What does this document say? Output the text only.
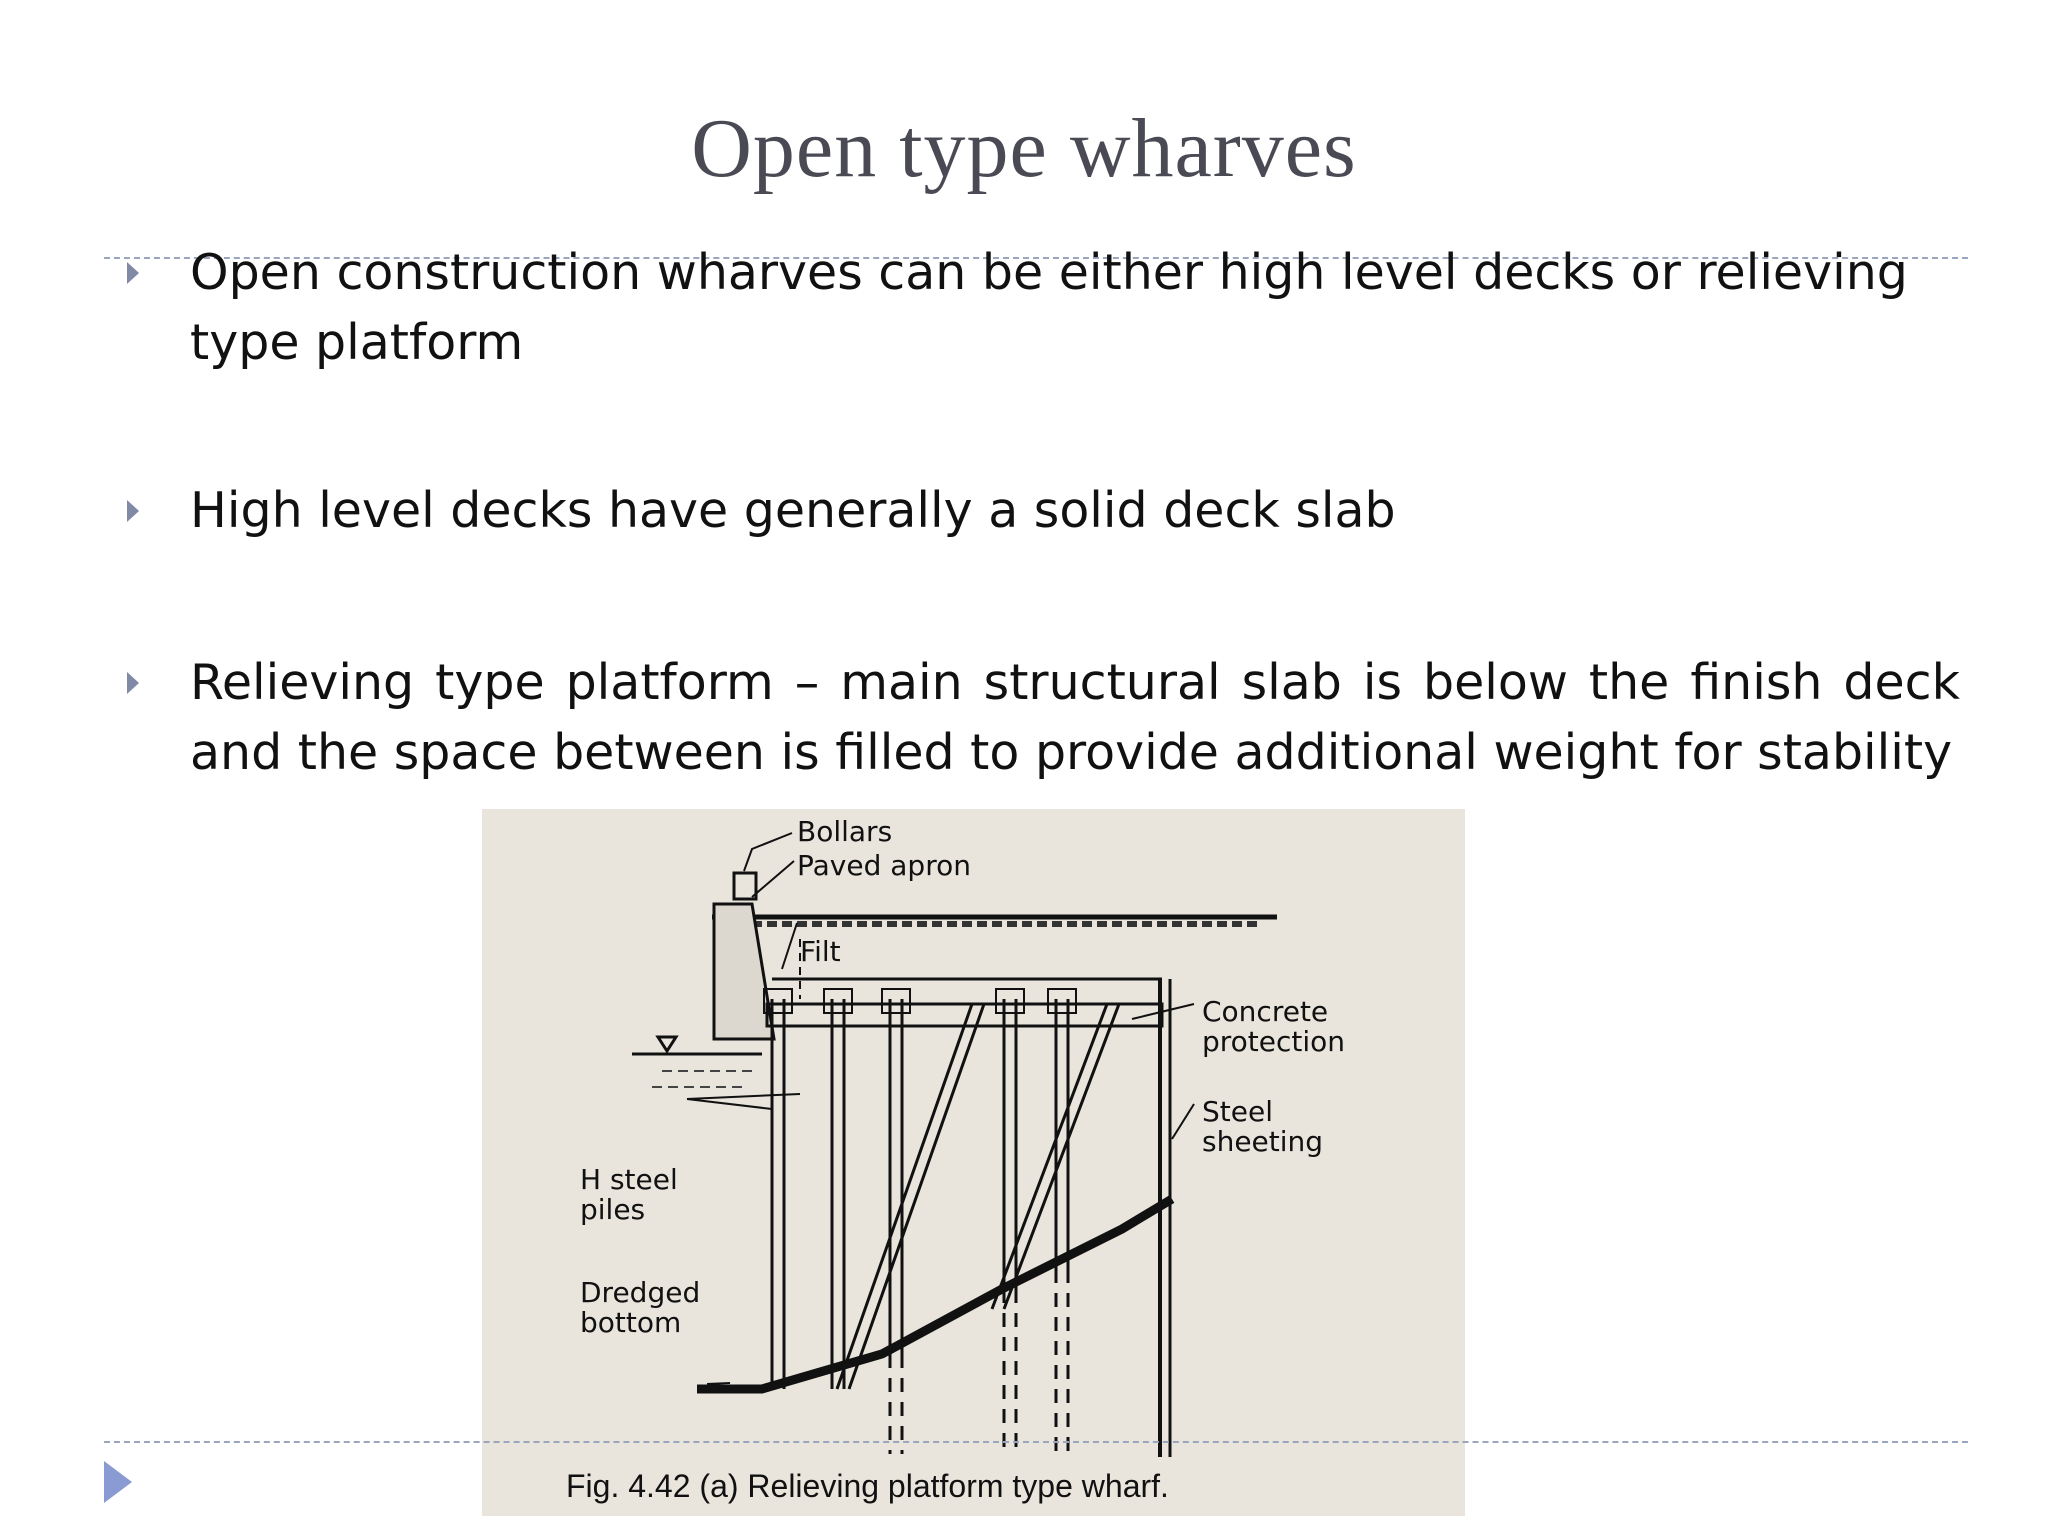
Open type wharves
Open construction wharves can be either high level decks or relieving type platform
High level decks have generally a solid deck slab
Relieving type platform – main structural slab is below the finish deck and the space between is filled to provide additional weight for stability
Bollars
Paved apron
Filt
Concrete
protection
Steel
sheeting
H steel
piles
Dredged
bottom
Fig. 4.42 (a) Relieving platform type wharf.
